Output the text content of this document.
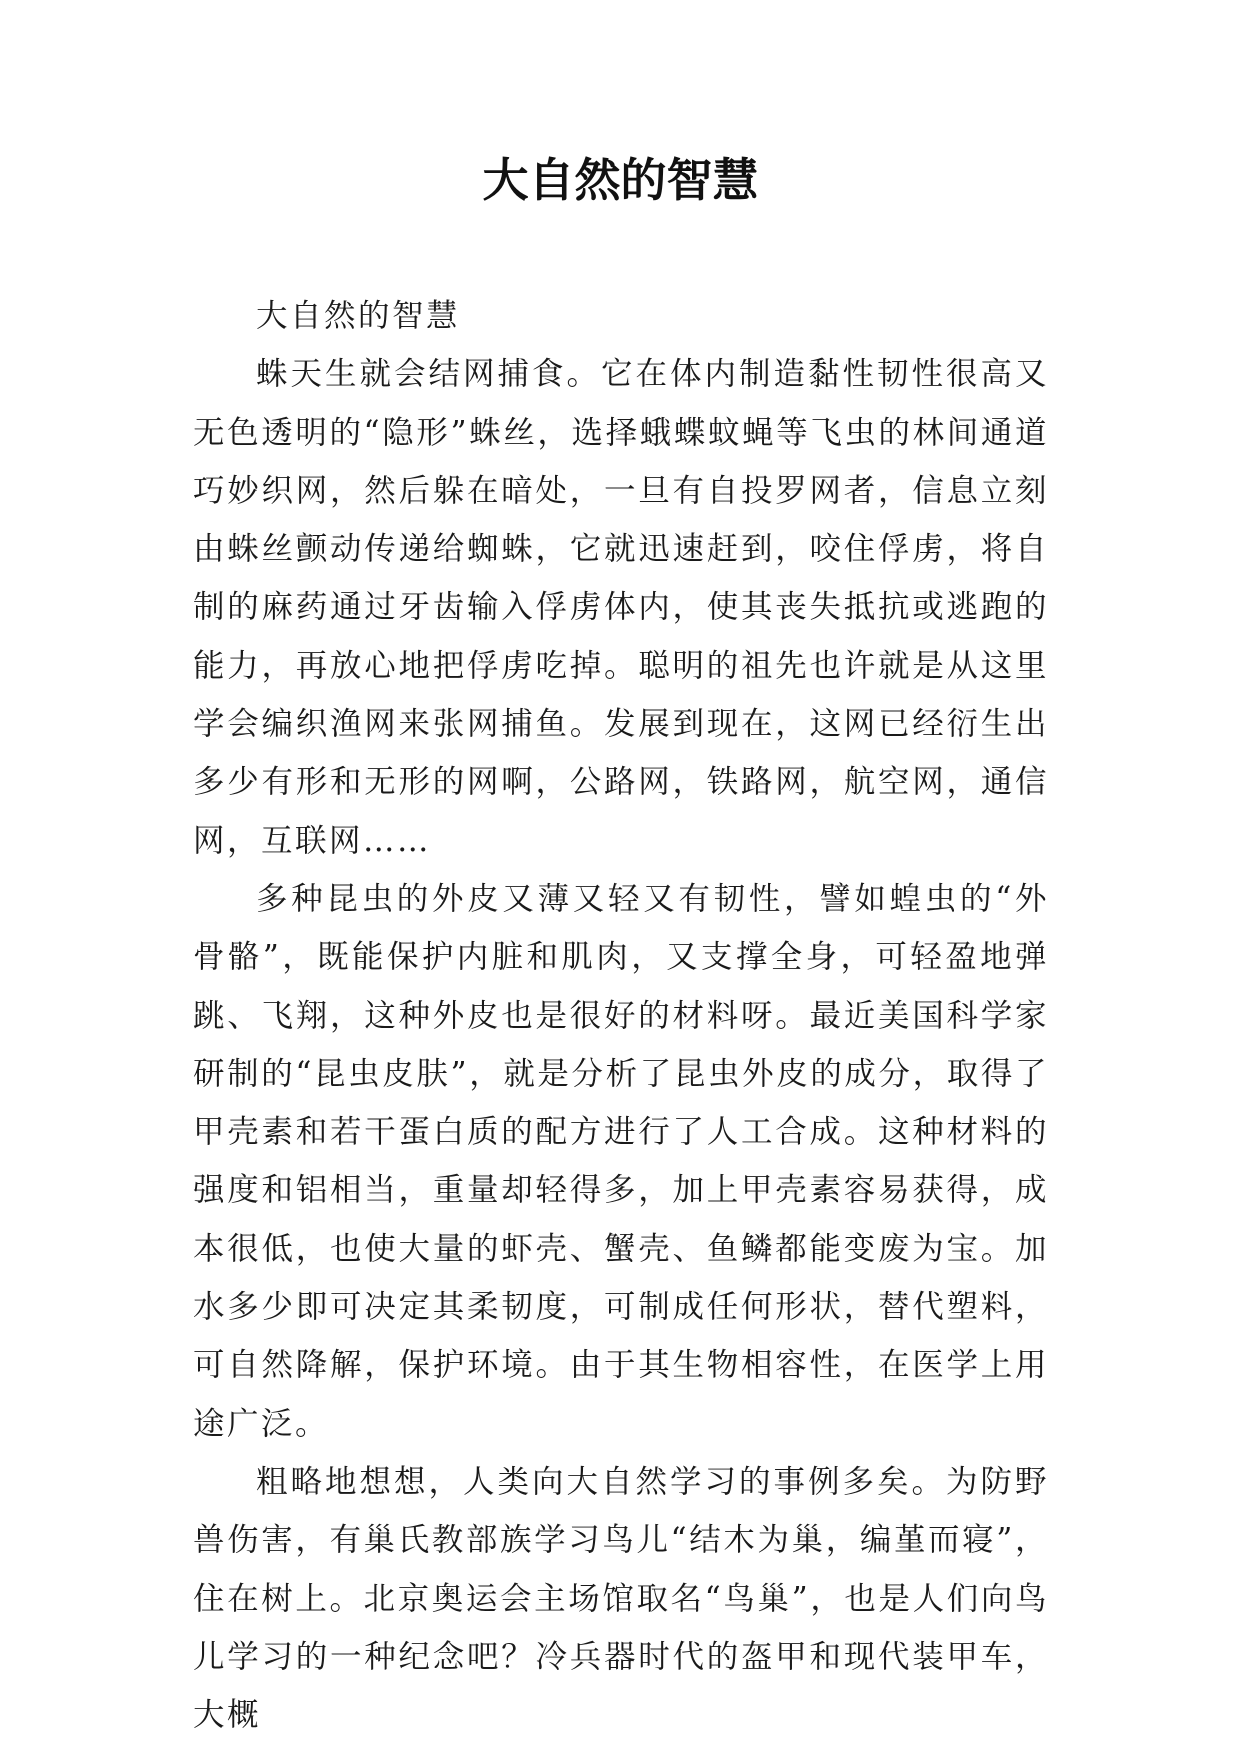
大自然的智慧

大自然的智慧

蛛天生就会结网捕食。它在体内制造黏性韧性很高又无色透明的“隐形”蛛丝，选择蛾蝶蚊蝇等飞虫的林间通道巧妙织网，然后躲在暗处，一旦有自投罗网者，信息立刻由蛛丝颤动传递给蜘蛛，它就迅速赶到，咬住俘虏，将自制的麻药通过牙齿输入俘虏体内，使其丧失抵抗或逃跑的能力，再放心地把俘虏吃掉。聪明的祖先也许就是从这里学会编织渔网来张网捕鱼。发展到现在，这网已经衍生出多少有形和无形的网啊，公路网，铁路网，航空网，通信网，互联网……

多种昆虫的外皮又薄又轻又有韧性，譬如蝗虫的“外骨骼”，既能保护内脏和肌肉，又支撑全身，可轻盈地弹跳、飞翔，这种外皮也是很好的材料呀。最近美国科学家研制的“昆虫皮肤”，就是分析了昆虫外皮的成分，取得了甲壳素和若干蛋白质的配方进行了人工合成。这种材料的强度和铝相当，重量却轻得多，加上甲壳素容易获得，成本很低，也使大量的虾壳、蟹壳、鱼鳞都能变废为宝。加水多少即可决定其柔韧度，可制成任何形状，替代塑料，可自然降解，保护环境。由于其生物相容性，在医学上用途广泛。

粗略地想想，人类向大自然学习的事例多矣。为防野兽伤害，有巢氏教部族学习鸟儿“结木为巢，编堇而寝”，住在树上。北京奥运会主场馆取名“鸟巢”，也是人们向鸟儿学习的一种纪念吧？冷兵器时代的盔甲和现代装甲车，大概
